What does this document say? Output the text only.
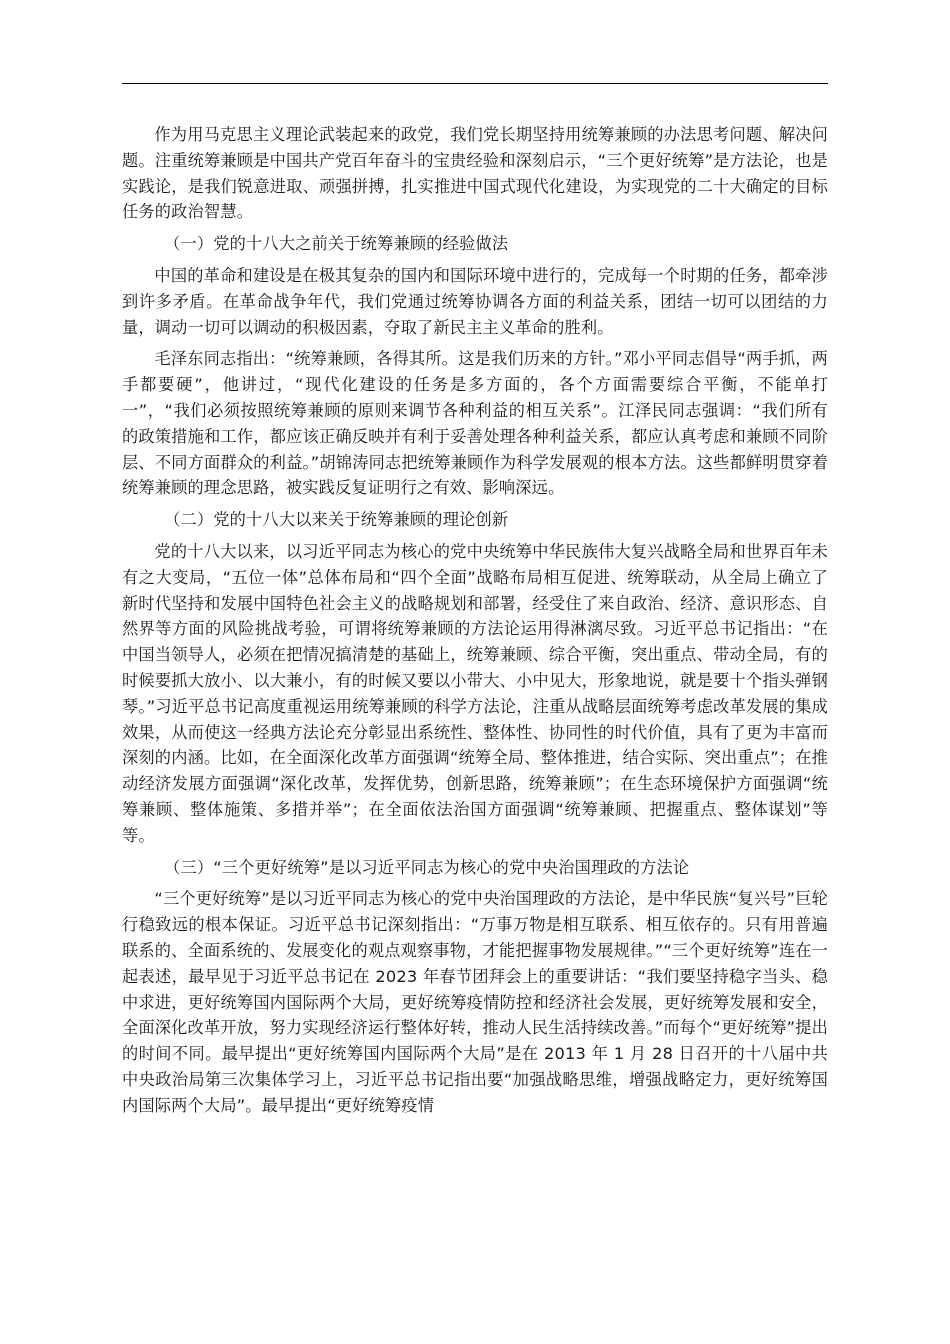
作为用马克思主义理论武装起来的政党，我们党长期坚持用统筹兼顾的办法思考问题、解决问题。注重统筹兼顾是中国共产党百年奋斗的宝贵经验和深刻启示，“三个更好统筹”是方法论，也是实践论，是我们锐意进取、顽强拼搏，扎实推进中国式现代化建设，为实现党的二十大确定的目标任务的政治智慧。

（一）党的十八大之前关于统筹兼顾的经验做法

中国的革命和建设是在极其复杂的国内和国际环境中进行的，完成每一个时期的任务，都牵涉到许多矛盾。在革命战争年代，我们党通过统筹协调各方面的利益关系，团结一切可以团结的力量，调动一切可以调动的积极因素，夺取了新民主主义革命的胜利。

毛泽东同志指出：“统筹兼顾，各得其所。这是我们历来的方针。”邓小平同志倡导“两手抓，两手都要硬”，他讲过，“现代化建设的任务是多方面的，各个方面需要综合平衡，不能单打一”，“我们必须按照统筹兼顾的原则来调节各种利益的相互关系”。江泽民同志强调：“我们所有的政策措施和工作，都应该正确反映并有利于妥善处理各种利益关系，都应认真考虑和兼顾不同阶层、不同方面群众的利益。”胡锦涛同志把统筹兼顾作为科学发展观的根本方法。这些都鲜明贯穿着统筹兼顾的理念思路，被实践反复证明行之有效、影响深远。

（二）党的十八大以来关于统筹兼顾的理论创新

党的十八大以来，以习近平同志为核心的党中央统筹中华民族伟大复兴战略全局和世界百年未有之大变局，“五位一体”总体布局和“四个全面”战略布局相互促进、统筹联动，从全局上确立了新时代坚持和发展中国特色社会主义的战略规划和部署，经受住了来自政治、经济、意识形态、自然界等方面的风险挑战考验，可谓将统筹兼顾的方法论运用得淋漓尽致。习近平总书记指出：“在中国当领导人，必须在把情况搞清楚的基础上，统筹兼顾、综合平衡，突出重点、带动全局，有的时候要抓大放小、以大兼小，有的时候又要以小带大、小中见大，形象地说，就是要十个指头弹钢琴。”习近平总书记高度重视运用统筹兼顾的科学方法论，注重从战略层面统筹考虑改革发展的集成效果，从而使这一经典方法论充分彰显出系统性、整体性、协同性的时代价值，具有了更为丰富而深刻的内涵。比如，在全面深化改革方面强调“统筹全局、整体推进，结合实际、突出重点”；在推动经济发展方面强调“深化改革，发挥优势，创新思路，统筹兼顾”；在生态环境保护方面强调“统筹兼顾、整体施策、多措并举”；在全面依法治国方面强调“统筹兼顾、把握重点、整体谋划”等等。

（三）“三个更好统筹”是以习近平同志为核心的党中央治国理政的方法论

“三个更好统筹”是以习近平同志为核心的党中央治国理政的方法论，是中华民族“复兴号”巨轮行稳致远的根本保证。习近平总书记深刻指出：“万事万物是相互联系、相互依存的。只有用普遍联系的、全面系统的、发展变化的观点观察事物，才能把握事物发展规律。”“三个更好统筹”连在一起表述，最早见于习近平总书记在 2023 年春节团拜会上的重要讲话：“我们要坚持稳字当头、稳中求进，更好统筹国内国际两个大局，更好统筹疫情防控和经济社会发展，更好统筹发展和安全，全面深化改革开放，努力实现经济运行整体好转，推动人民生活持续改善。”而每个“更好统筹”提出的时间不同。最早提出“更好统筹国内国际两个大局”是在 2013 年 1 月 28 日召开的十八届中共中央政治局第三次集体学习上，习近平总书记指出要“加强战略思维，增强战略定力，更好统筹国内国际两个大局”。最早提出“更好统筹疫情
